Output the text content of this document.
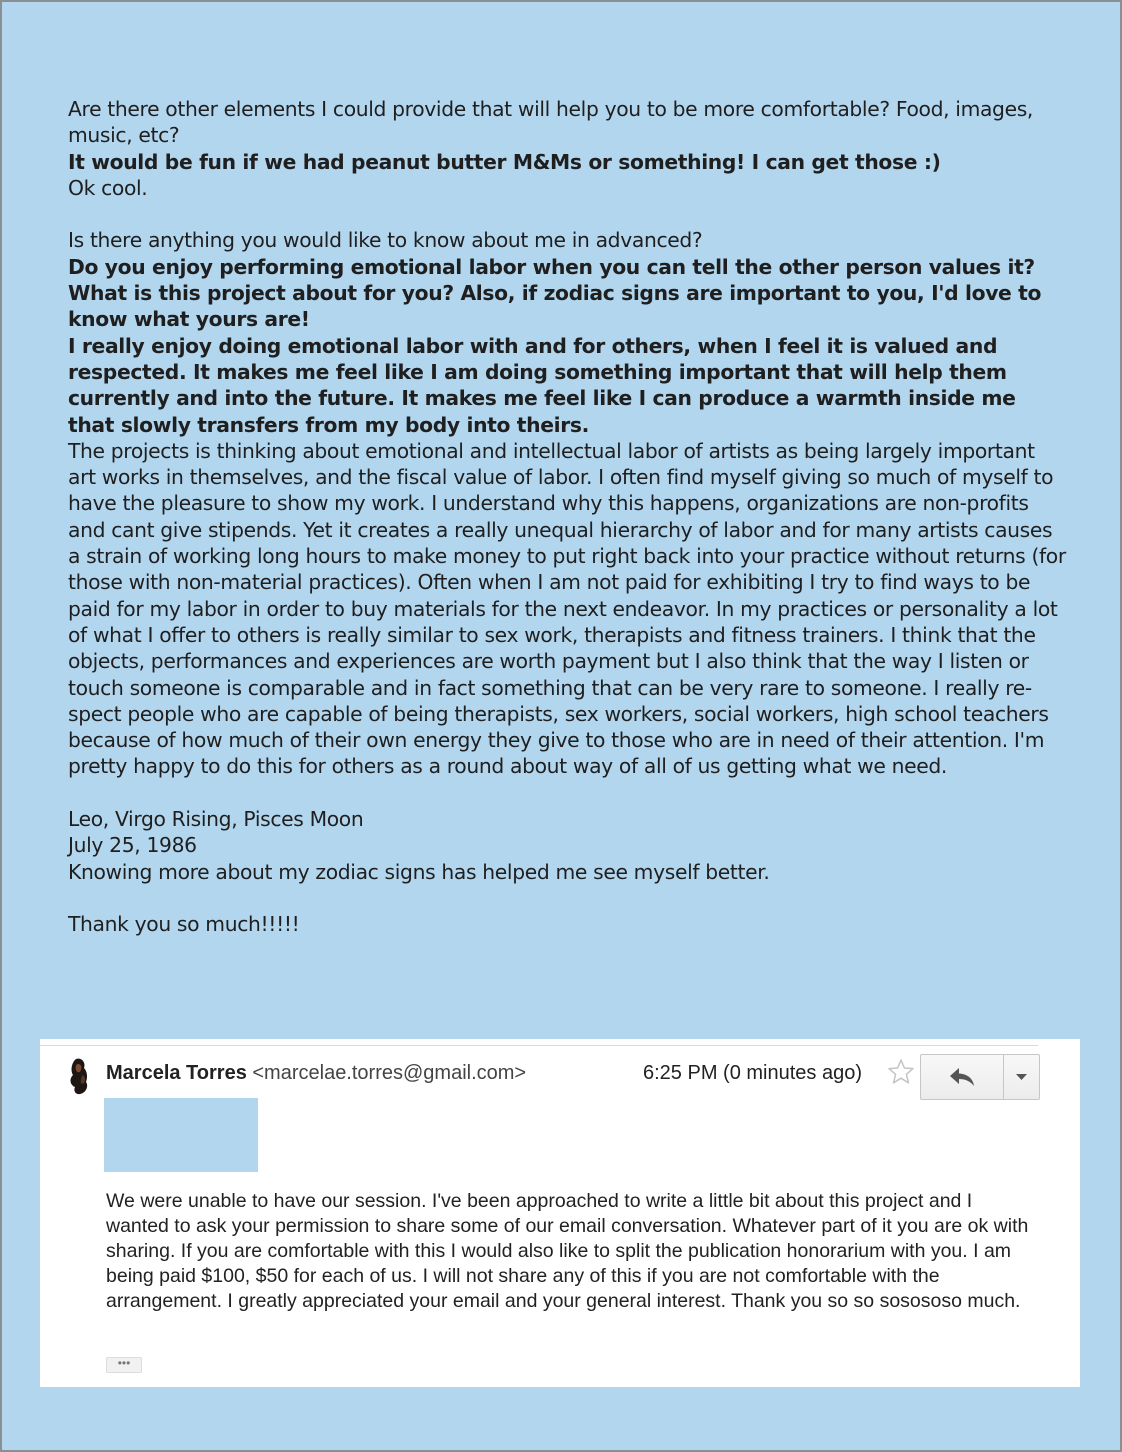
Are there other elements I could provide that will help you to be more comfortable? Food, images, music, etc?

It would be fun if we had peanut butter M&Ms or something! I can get those :)

Ok cool.

Is there anything you would like to know about me in advanced?

Do you enjoy performing emotional labor when you can tell the other person values it? What is this project about for you? Also, if zodiac signs are important to you, I'd love to know what yours are!

I really enjoy doing emotional labor with and for others, when I feel it is valued and respected. It makes me feel like I am doing something important that will help them currently and into the future. It makes me feel like I can produce a warmth inside me that slowly transfers from my body into theirs.

The projects is thinking about emotional and intellectual labor of artists as being largely important art works in themselves, and the fiscal value of labor. I often find myself giving so much of myself to have the pleasure to show my work. I understand why this happens, organizations are non-profits and cant give stipends. Yet it creates a really unequal hierarchy of labor and for many artists causes a strain of working long hours to make money to put right back into your practice without returns (for those with non-material practices). Often when I am not paid for exhibiting I try to find ways to be paid for my labor in order to buy materials for the next endeavor. In my practices or personality a lot of what I offer to others is really similar to sex work, therapists and fitness trainers. I think that the objects, performances and experiences are worth payment but I also think that the way I listen or touch someone is comparable and in fact something that can be very rare to someone. I really re-spect people who are capable of being therapists, sex workers, social workers, high school teachers because of how much of their own energy they give to those who are in need of their attention. I'm pretty happy to do this for others as a round about way of all of us getting what we need.

Leo, Virgo Rising, Pisces Moon

July 25, 1986

Knowing more about my zodiac signs has helped me see myself better.

Thank you so much!!!!!

Marcela Torres <marcelae.torres@gmail.com>	6:25 PM (0 minutes ago)

We were unable to have our session. I've been approached to write a little bit about this project and I wanted to ask your permission to share some of our email conversation. Whatever part of it you are ok with sharing. If you are comfortable with this I would also like to split the publication honorarium with you. I am being paid $100, $50 for each of us. I will not share any of this if you are not comfortable with the arrangement. I greatly appreciated your email and your general interest. Thank you so so sosososo much.

•••
